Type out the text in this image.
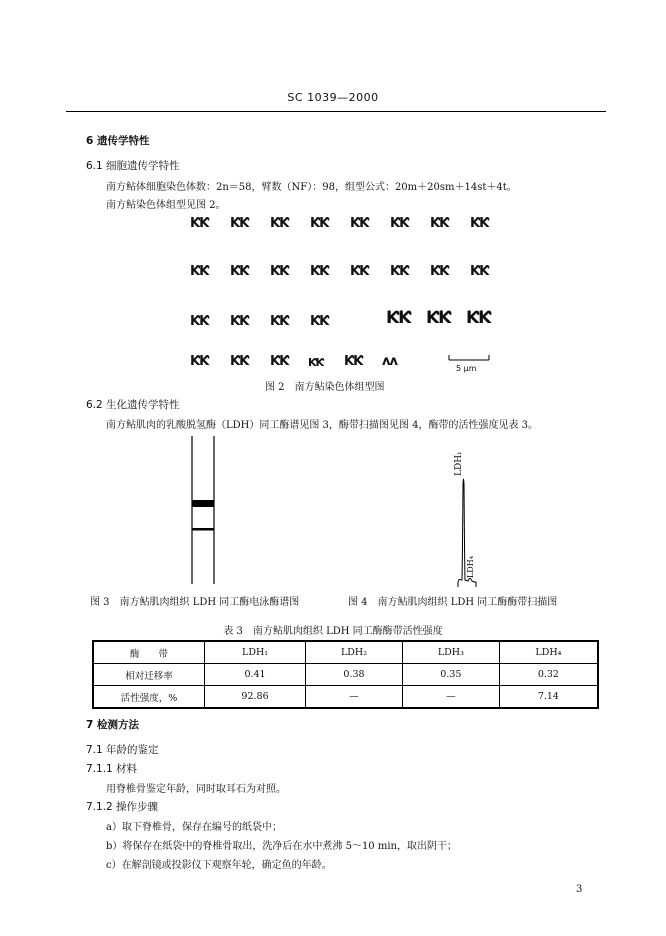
SC 1039—2000
6 遗传学特性
6.1 细胞遗传学特性
南方鲇体细胞染色体数：2n＝58，臂数（NF）：98，组型公式：20m＋20sm＋14st＋4t。
南方鲇染色体组型见图 2。
ƘƘ ƘƘ ƘƘ ƘƘ ƘƘ ƘƘ ƘƘ ƘƘ
ƘƘ ƘƘ ƘƘ ƘƘ ƘƘ ƘƘ ƘƘ ƘƘ
ƘƘ ƘƘ ƘƘ ƘƘ	ƘƘ ƘƘ ƘƘ
ƘƘ ƘƘ ƘƘ ƘƘ ƘƘ ʌʌ	5 μm
图 2　南方鲇染色体组型图
6.2 生化遗传学特性
南方鲇肌肉的乳酸脱氢酶（LDH）同工酶谱见图 3，酶带扫描图见图 4，酶带的活性强度见表 3。
LDH₁
LDH₄
图 3　南方鲇肌肉组织 LDH 同工酶电泳酶谱图	图 4　南方鲇肌肉组织 LDH 同工酶酶带扫描图
表 3　南方鲇肌肉组织 LDH 同工酶酶带活性强度
酶　　带	LDH₁	LDH₂	LDH₃	LDH₄
相对迁移率	0.41	0.38	0.35	0.32
活性强度，%	92.86	—	—	7.14
7 检测方法
7.1 年龄的鉴定
7.1.1 材料
用脊椎骨鉴定年龄，同时取耳石为对照。
7.1.2 操作步骤
a）取下脊椎骨，保存在编号的纸袋中；
b）将保存在纸袋中的脊椎骨取出，洗净后在水中煮沸 5～10 min，取出阴干；
c）在解剖镜或投影仪下观察年轮，确定鱼的年龄。
3
